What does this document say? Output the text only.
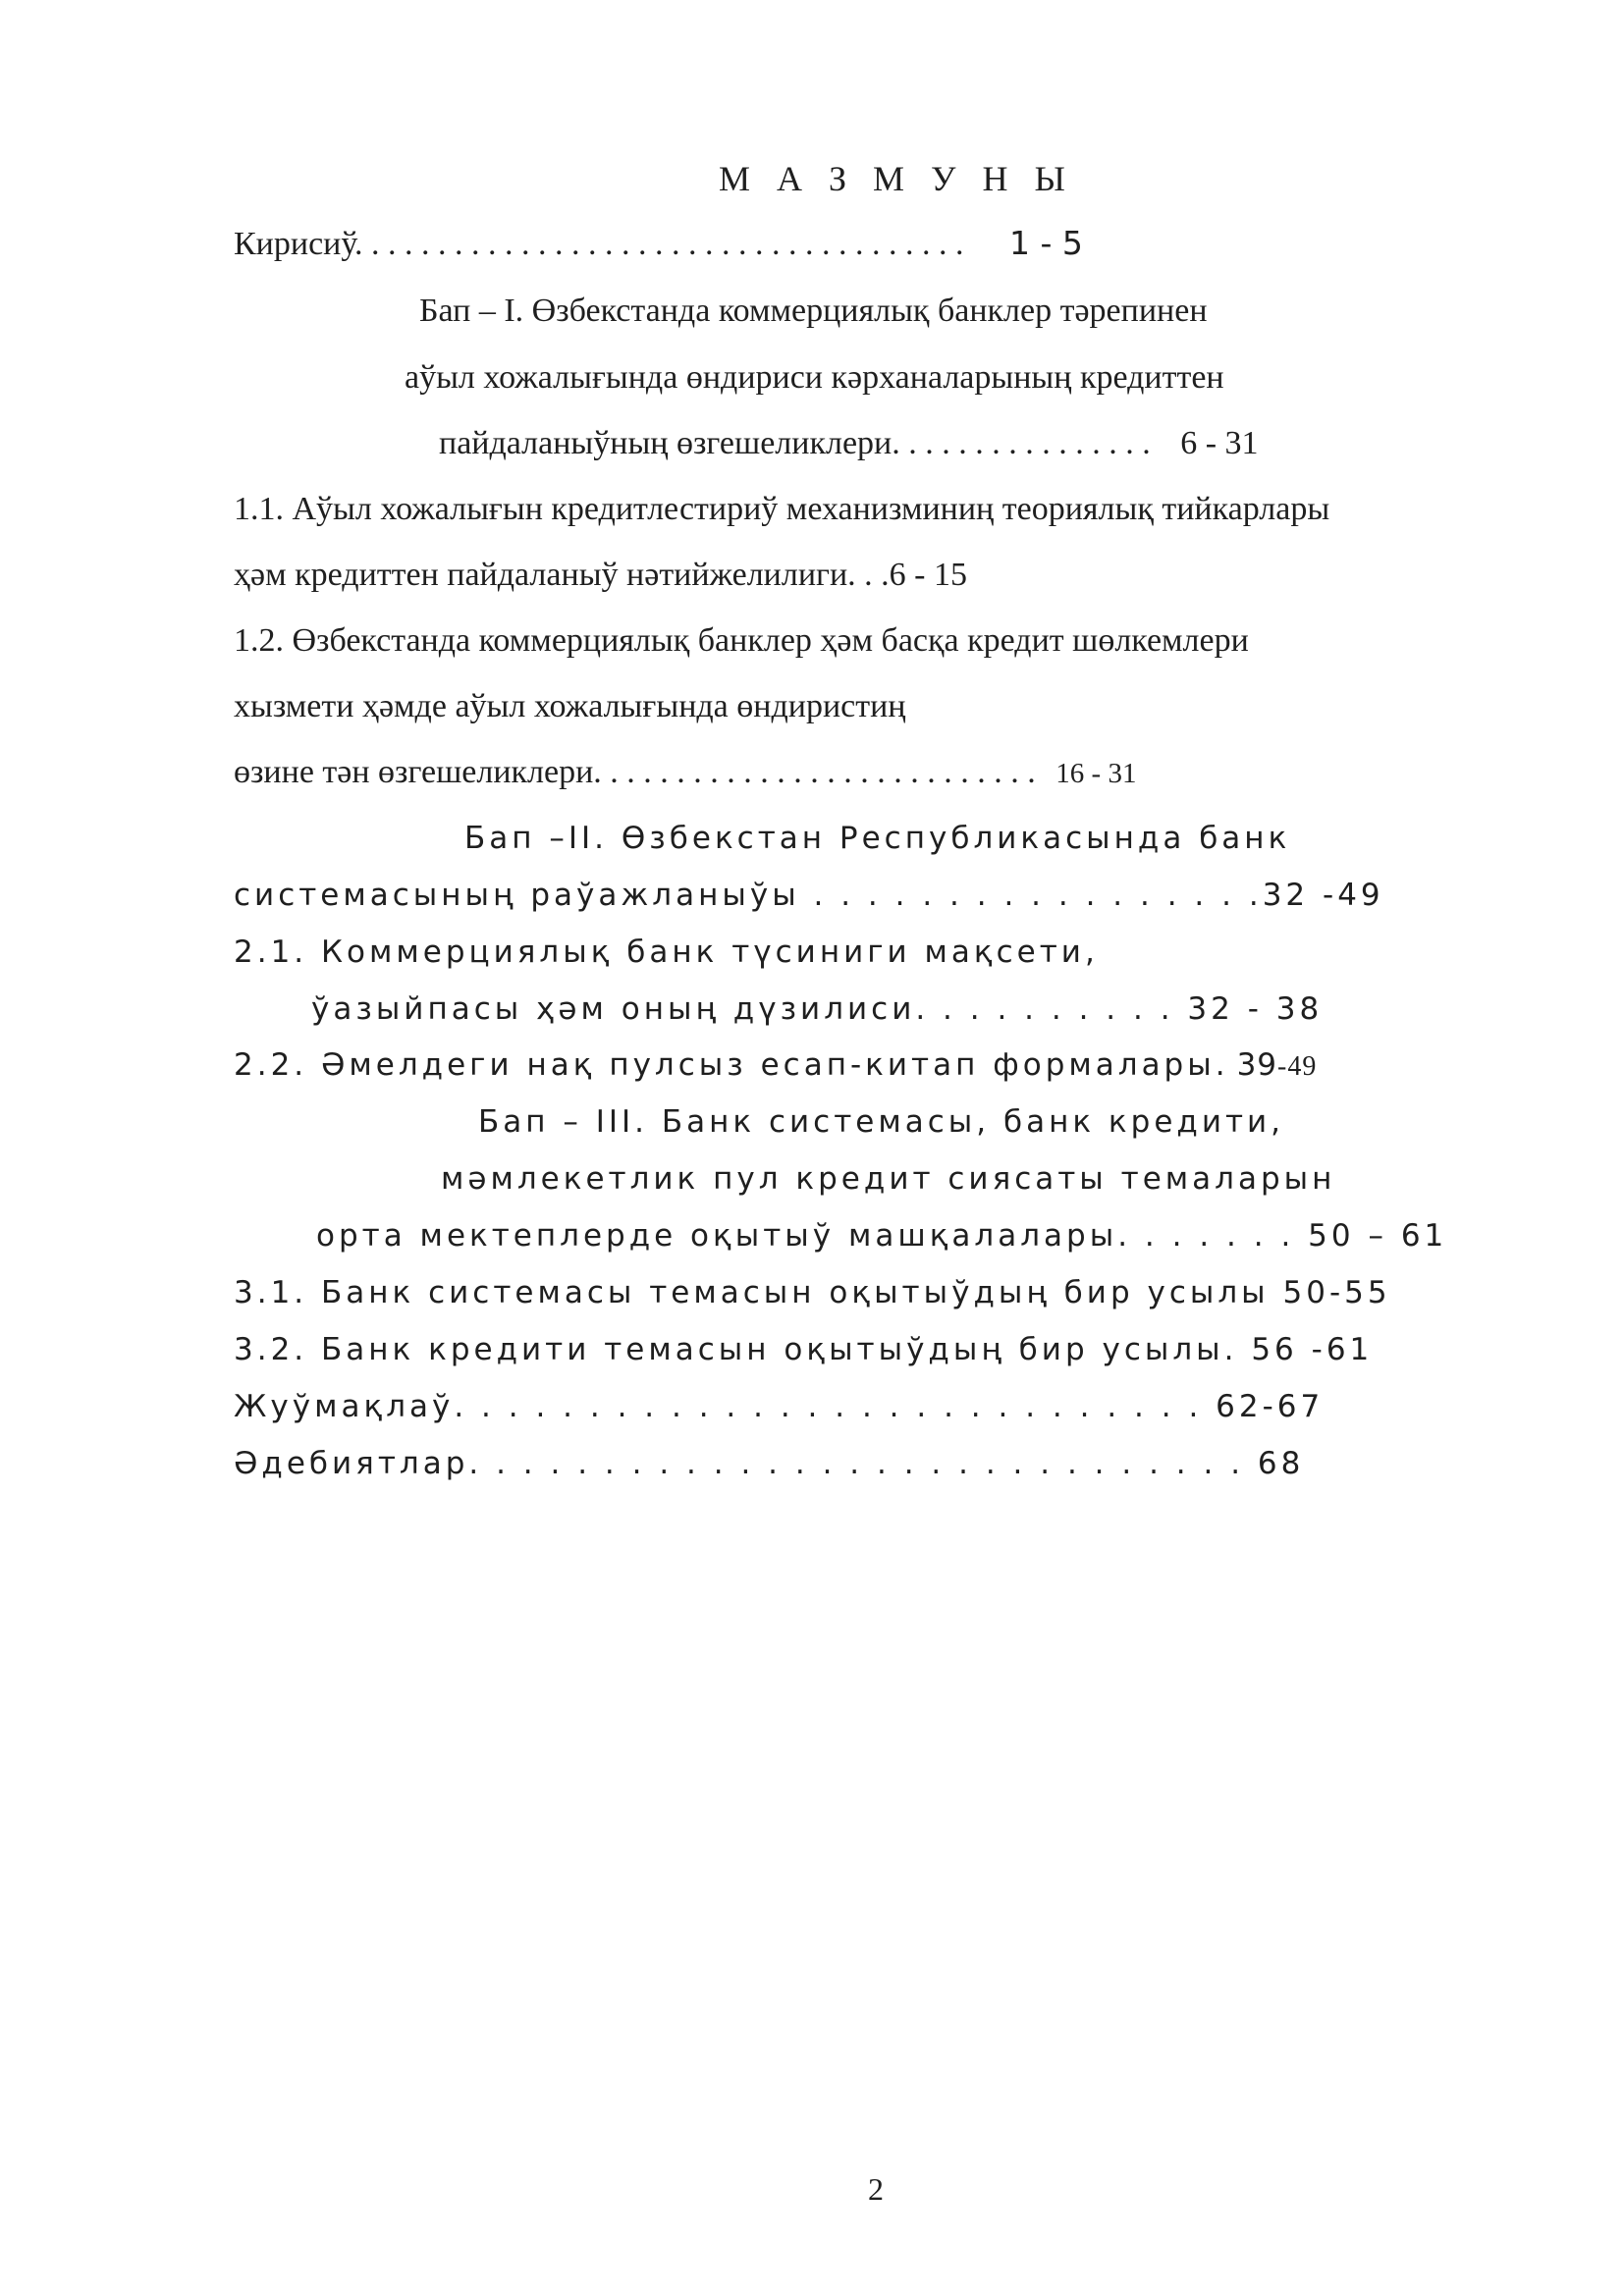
М А З М У Н Ы
Кирисиў. . . . . . . . . . . . . . . . . . . . . . . . . . . . . . . . . . . . . 1 - 5
Бап – I. Өзбекстанда коммерциялық банклер тәрепинен
аўыл хожалығында өндириси кәрханаларының кредиттен
пайдаланыўның өзгешеликлери. . . . . . . . . . . . . . . . 6 - 31
1.1. Аўыл хожалығын кредитлестириў механизминиң теориялық тийкарлары
ҳәм кредиттен пайдаланыў нәтийжелилиги. . .6 - 15
1.2. Өзбекстанда коммерциялық банклер ҳәм басқа кредит шөлкемлери
хызмети ҳәмде аўыл хожалығында өндиристиң
өзине тән өзгешеликлери. . . . . . . . . . . . . . . . . . . . . . . . . . . 16 - 31
Бап –II. Өзбекстан Республикасында банк
системасының раўажланыўы . . . . . . . . . . . . . . . . .32 -49
2.1. Коммерциялық банк түсиниги мақсети,
ўазыйпасы ҳәм оның дүзилиси. . . . . . . . . . 32 - 38
2.2. Әмелдеги нақ пулсыз есап-китап формалары. 39-49
Бап – III. Банк системасы, банк кредити,
мәмлекетлик пул кредит сиясаты темаларын
орта мектеплерде оқытыў машқалалары. . . . . . . 50 – 61
3.1. Банк системасы темасын оқытыўдың бир усылы 50-55
3.2. Банк кредити темасын оқытыўдың бир усылы. 56 -61
Жуўмақлаў. . . . . . . . . . . . . . . . . . . . . . . . . . . . 62-67
Әдебиятлар. . . . . . . . . . . . . . . . . . . . . . . . . . . . . 68
2
